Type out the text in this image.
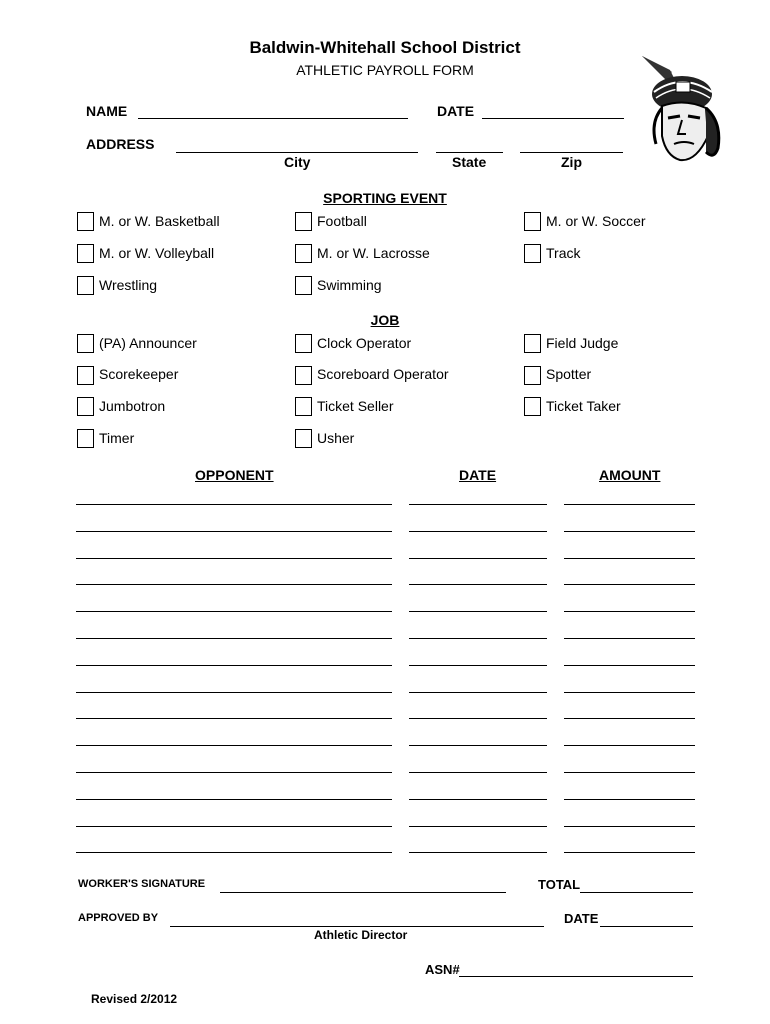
Baldwin-Whitehall School District
ATHLETIC PAYROLL FORM
NAME	DATE
ADDRESS
City	State	Zip
SPORTING EVENT
M. or W. Basketball	Football	M. or W. Soccer
M. or W. Volleyball	M. or W. Lacrosse	Track
Wrestling	Swimming
JOB
(PA) Announcer	Clock Operator	Field Judge
Scorekeeper	Scoreboard Operator	Spotter
Jumbotron	Ticket Seller	Ticket Taker
Timer	Usher
OPPONENT	DATE	AMOUNT
WORKER'S SIGNATURE	TOTAL
APPROVED BY	DATE
Athletic Director
ASN#
Revised 2/2012
